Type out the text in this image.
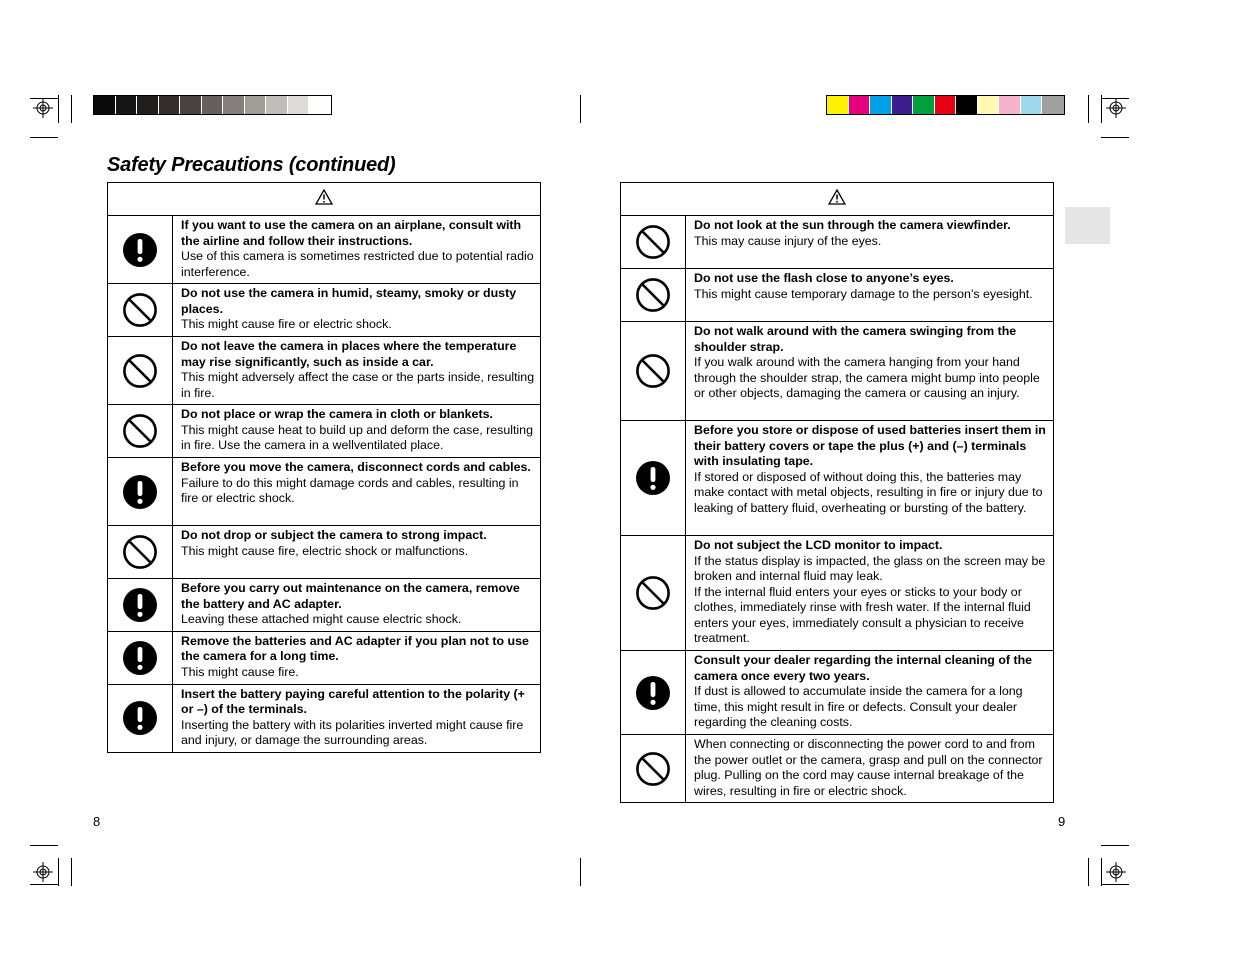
Safety Precautions (continued)

If you want to use the camera on an airplane, consult with the airline and follow their instructions.
Use of this camera is sometimes restricted due to potential radio interference.

Do not use the camera in humid, steamy, smoky or dusty places.
This might cause fire or electric shock.

Do not leave the camera in places where the temperature may rise significantly, such as inside a car.
This might adversely affect the case or the parts inside, resulting in fire.

Do not place or wrap the camera in cloth or blankets.
This might cause heat to build up and deform the case, resulting in fire. Use the camera in a wellventilated place.

Before you move the camera, disconnect cords and cables.
Failure to do this might damage cords and cables, resulting in fire or electric shock.

Do not drop or subject the camera to strong impact.
This might cause fire, electric shock or malfunctions.

Before you carry out maintenance on the camera, remove the battery and AC adapter.
Leaving these attached might cause electric shock.

Remove the batteries and AC adapter if you plan not to use the camera for a long time.
This might cause fire.

Insert the battery paying careful attention to the polarity (+ or –) of the terminals.
Inserting the battery with its polarities inverted might cause fire and injury, or damage the surrounding areas.

Do not look at the sun through the camera viewfinder.
This may cause injury of the eyes.

Do not use the flash close to anyone’s eyes.
This might cause temporary damage to the person’s eyesight.

Do not walk around with the camera swinging from the shoulder strap.
If you walk around with the camera hanging from your hand through the shoulder strap, the camera might bump into people or other objects, damaging the camera or causing an injury.

Before you store or dispose of used batteries insert them in their battery covers or tape the plus (+) and (–) terminals with insulating tape.
If stored or disposed of without doing this, the batteries may make contact with metal objects, resulting in fire or injury due to leaking of battery fluid, overheating or bursting of the battery.

Do not subject the LCD monitor to impact.
If the status display is impacted, the glass on the screen may be broken and internal fluid may leak.
If the internal fluid enters your eyes or sticks to your body or clothes, immediately rinse with fresh water. If the internal fluid enters your eyes, immediately consult a physician to receive treatment.

Consult your dealer regarding the internal cleaning of the camera once every two years.
If dust is allowed to accumulate inside the camera for a long time, this might result in fire or defects. Consult your dealer regarding the cleaning costs.

When connecting or disconnecting the power cord to and from the power outlet or the camera, grasp and pull on the connector plug. Pulling on the cord may cause internal breakage of the wires, resulting in fire or electric shock.
8	9
